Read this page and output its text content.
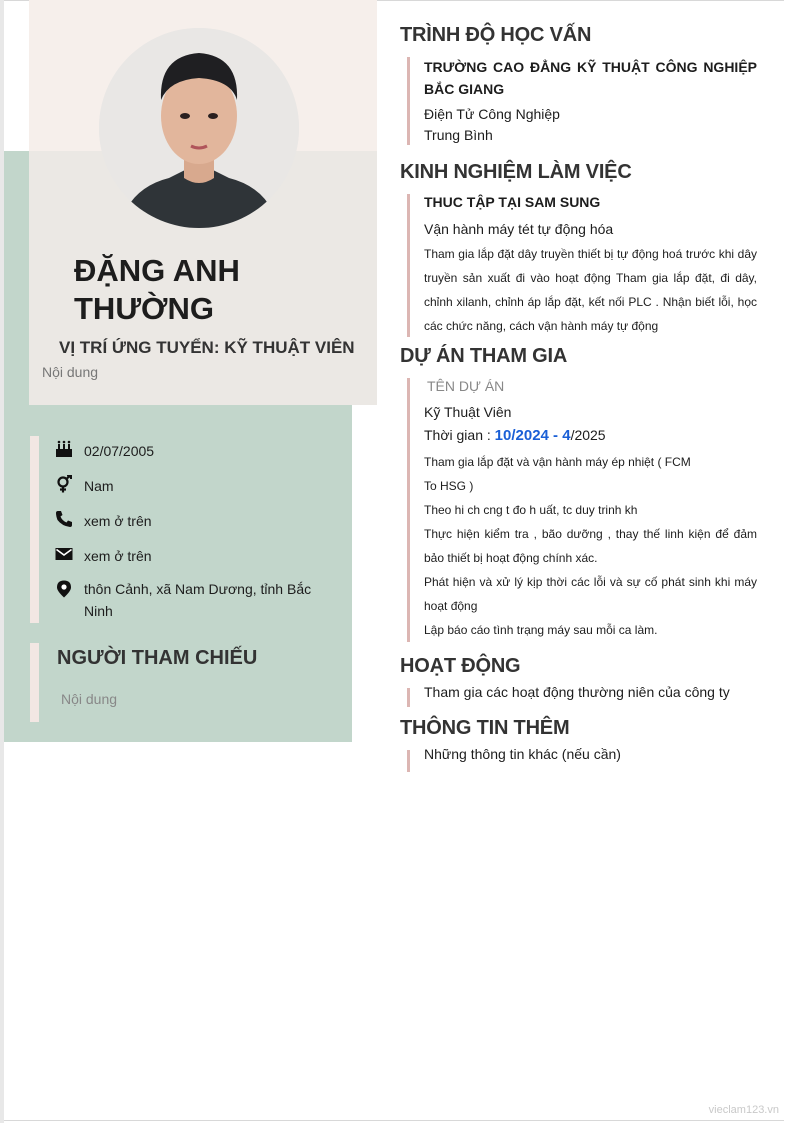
ĐẶNG ANH
THƯỜNG
VỊ TRÍ ỨNG TUYỂN: KỸ THUẬT VIÊN
Nội dung
02/07/2005
Nam
xem ở trên
xem ở trên
thôn Cảnh, xã Nam Dương, tỉnh Bắc Ninh
NGƯỜI THAM CHIẾU
Nội dung
TRÌNH ĐỘ HỌC VẤN
TRƯỜNG CAO ĐẲNG KỸ THUẬT CÔNG NGHIỆP BẮC GIANG
Điện Tử Công Nghiệp
Trung Bình
KINH NGHIỆM LÀM VIỆC
THUC TẬP TẠI SAM SUNG
Vận hành máy tét tự động hóa
Tham gia lắp đặt dây truyền thiết bị tự động hoá trước khi dây truyền sản xuất đi vào hoạt động Tham gia lắp đặt, đi dây, chỉnh xilanh, chỉnh áp lắp đặt, kết nối PLC . Nhận biết lỗi, học các chức năng, cách vận hành máy tự động
DỰ ÁN THAM GIA
TÊN DỰ ÁN
Kỹ Thuật Viên
Thời gian : 10/2024 - 4/2025
Tham gia lắp đặt và vận hành máy ép nhiệt ( FCM
To HSG )
Theo hi ch cng t đo h uất, tc duy trinh kh
Thực hiện kiểm tra , bão dưỡng , thay thế linh kiện để đảm bảo thiết bị hoạt động chính xác.
Phát hiện và xử lý kịp thời các lỗi và sự cố phát sinh khi máy hoạt động
Lập báo cáo tình trạng máy sau mỗi ca làm.
HOẠT ĐỘNG
Tham gia các hoạt động thường niên của công ty
THÔNG TIN THÊM
Những thông tin khác (nếu cần)
vieclam123.vn
